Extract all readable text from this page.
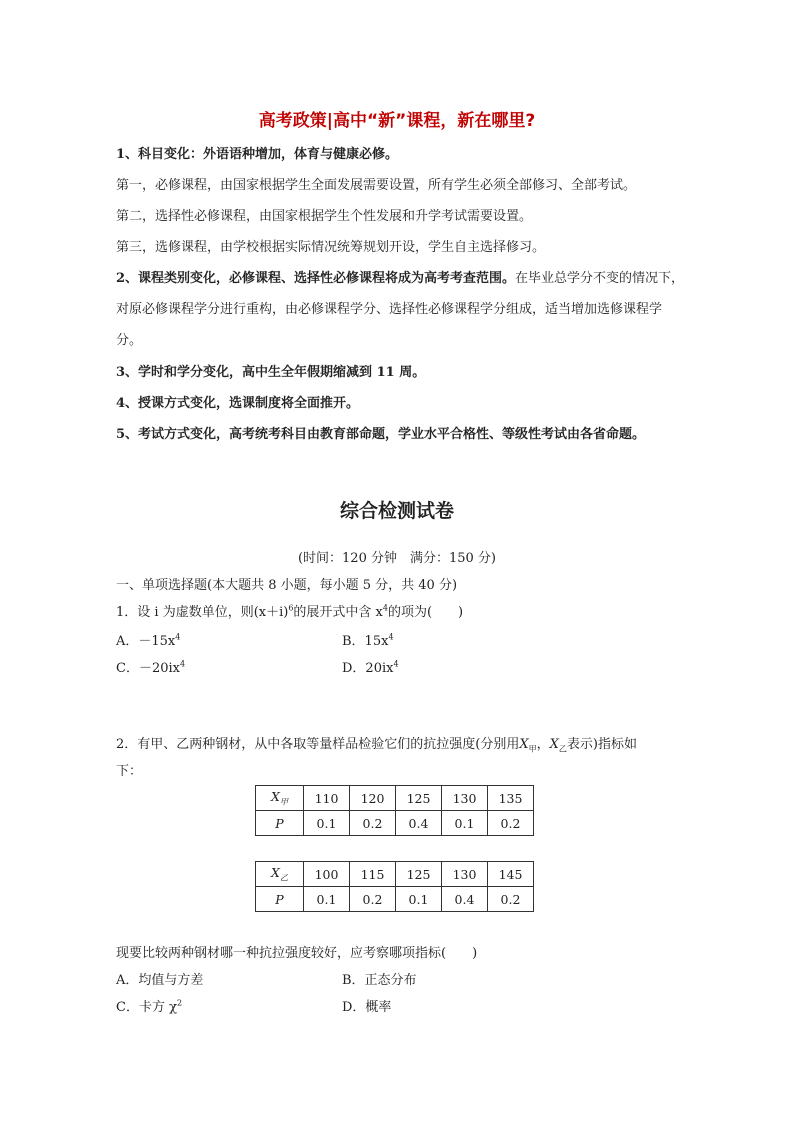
高考政策|高中“新”课程，新在哪里?
1、科目变化：外语语种增加，体育与健康必修。
第一，必修课程，由国家根据学生全面发展需要设置，所有学生必须全部修习、全部考试。
第二，选择性必修课程，由国家根据学生个性发展和升学考试需要设置。
第三，选修课程，由学校根据实际情况统筹规划开设，学生自主选择修习。
2、课程类别变化，必修课程、选择性必修课程将成为高考考查范围。在毕业总学分不变的情况下，对原必修课程学分进行重构，由必修课程学分、选择性必修课程学分组成，适当增加选修课程学分。
3、学时和学分变化，高中生全年假期缩减到 11 周。
4、授课方式变化，选课制度将全面推开。
5、考试方式变化，高考统考科目由教育部命题，学业水平合格性、等级性考试由各省命题。
综合检测试卷
(时间：120 分钟　满分：150 分)
一、单项选择题(本大题共 8 小题，每小题 5 分，共 40 分)
1．设 i 为虚数单位，则$(x+i)^6$的展开式中含 $x^4$的项为(　　)
A．$-15x^4$	B．$15x^4$
C．$-20ix^4$	D．$20ix^4$
2．有甲、乙两种钢材，从中各取等量样品检验它们的抗拉强度(分别用$X_甲$，$X_乙$表示)指标如
下：
$X_甲$	110	120	125	130	135
P	0.1	0.2	0.4	0.1	0.2
$X_乙$	100	115	125	130	145
P	0.1	0.2	0.1	0.4	0.2
现要比较两种钢材哪一种抗拉强度较好，应考察哪项指标(　　)
A．均值与方差	B．正态分布
C．卡方 $\chi^2$	D．概率
